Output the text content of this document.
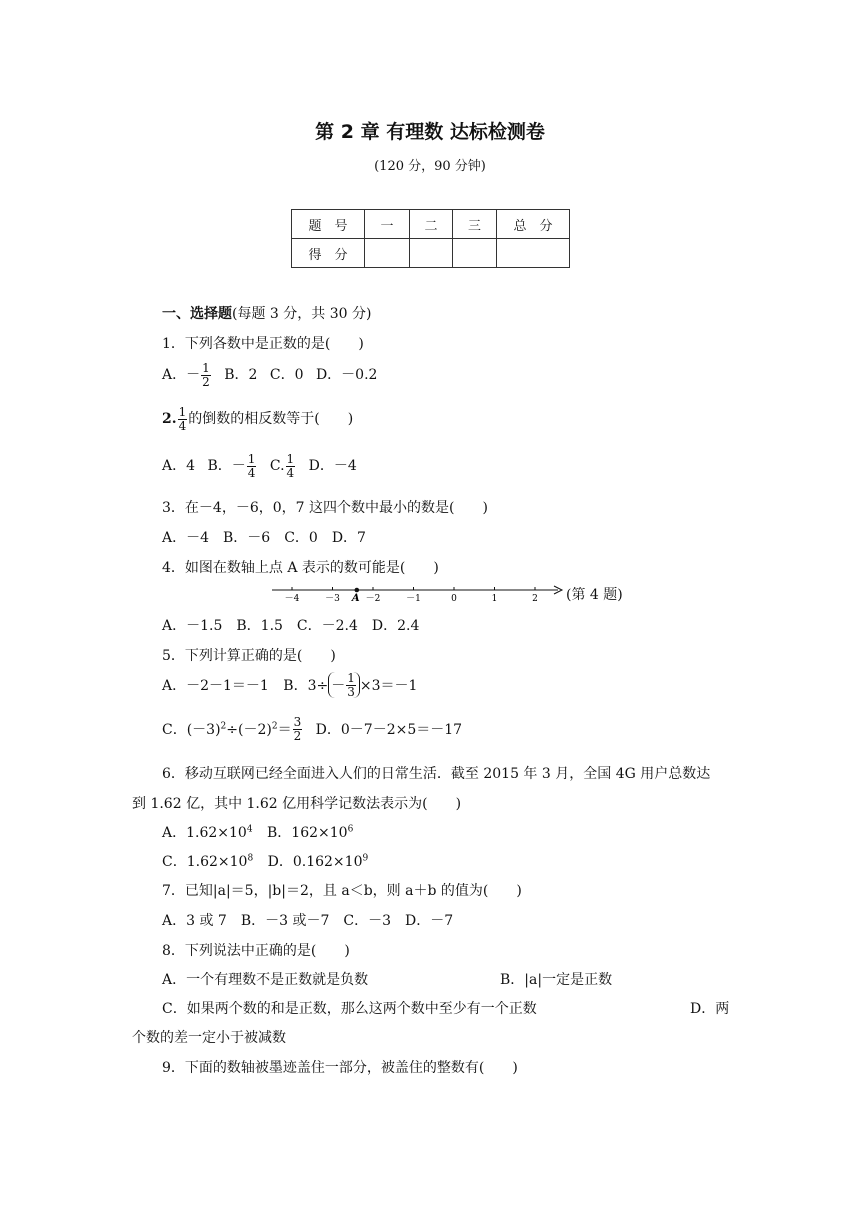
第 2 章 有理数 达标检测卷
(120 分，90 分钟)
题　号	一	二	三	总　分
得　分				
一、选择题(每题 3 分，共 30 分)
1．下列各数中是正数的是(　　)
A．－ $\frac{1}{2}$ B．2 C．0 D．－0.2
2. $\frac{1}{4}$ 的倒数的相反数等于(　　)
A．4 B．－ $\frac{1}{4} C$. $\frac{1}{4}$ D．－4
3．在－4，－6，0，7 这四个数中最小的数是(　　)
A．－4　B．－6　C．0　D．7
4．如图在数轴上点 A 表示的数可能是(　　)
－4	－3	－2	－1	0	1	2
A	(第 4 题)
A．－1.5　B．1.5　C．－2.4　D．2.4
5．下列计算正确的是(　　)
A．－2－1＝－1 B．$3\div - \frac{1}{3} \times 3=-1$
C．$(-3)^2\div(-2)^2= \frac{3}{2}$ D．0－7－2×5＝－17
6．移动互联网已经全面进入人们的日常生活．截至 2015 年 3 月，全国 4G 用户总数达
到 1.62 亿，其中 1.62 亿用科学记数法表示为(　　)
A．$1.62\times 10^4$ B．$162\times 10^6$
C．$1.62\times 10^8$ D．$0.162\times 10^9$
7．已知|a|＝5，|b|＝2，且 a＜b，则 a＋b 的值为(　　)
A．3 或 7　B．－3 或－7　C．－3　D．－7
8．下列说法中正确的是(　　)
A．一个有理数不是正数就是负数	B．|a|一定是正数
C．如果两个数的和是正数，那么这两个数中至少有一个正数	D．两
个数的差一定小于被减数
9．下面的数轴被墨迹盖住一部分，被盖住的整数有(　　)
